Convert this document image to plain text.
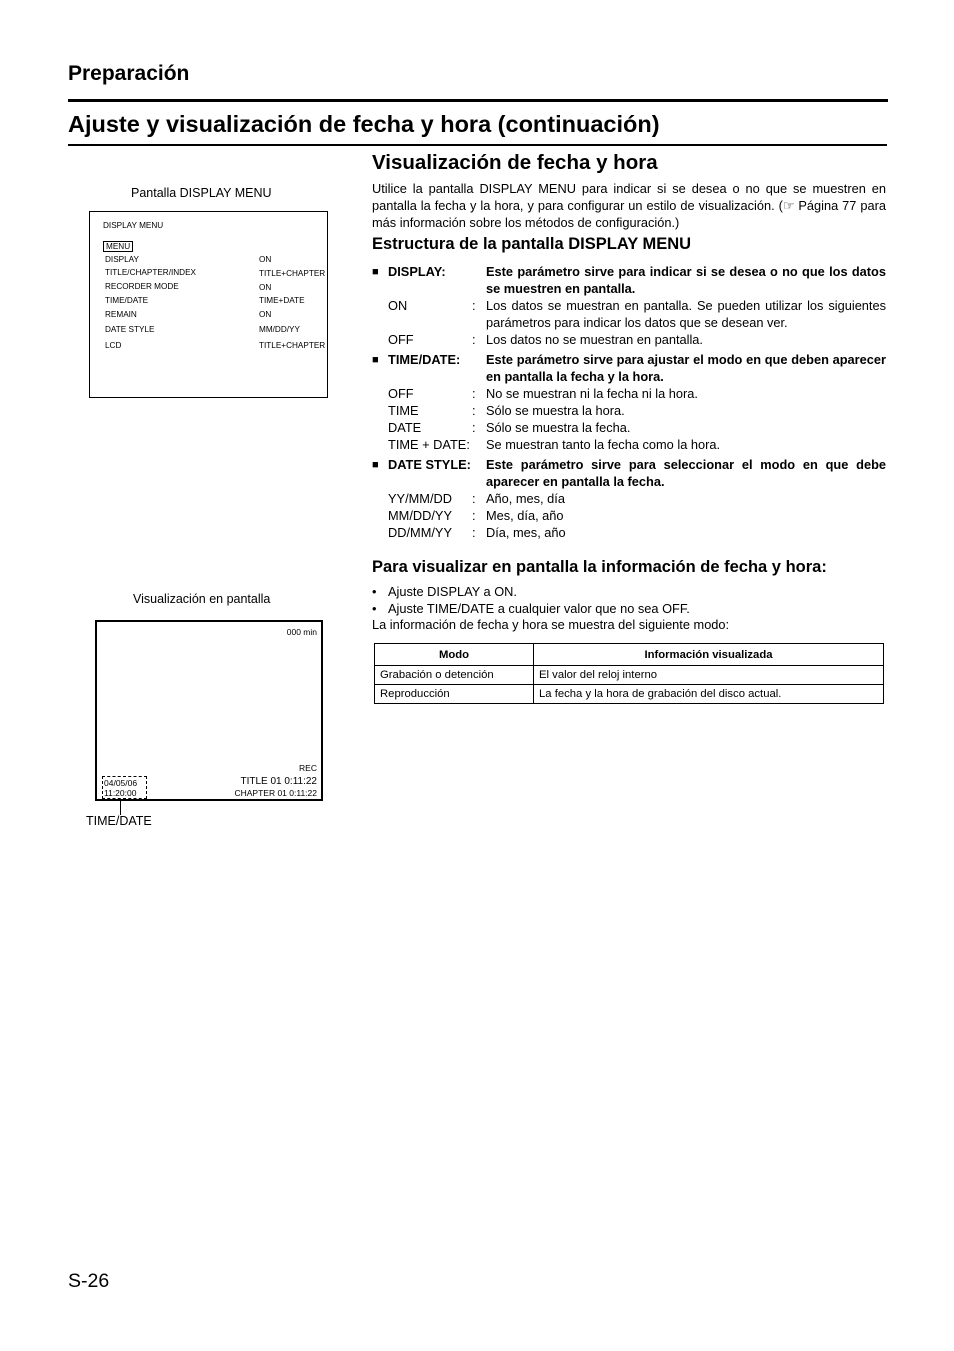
Preparación
Ajuste y visualización de fecha y hora (continuación)
Pantalla DISPLAY MENU
DISPLAY MENU
MENU
DISPLAY	ON
TITLE/CHAPTER/INDEX	TITLE+CHAPTER
RECORDER MODE	ON
TIME/DATE	TIME+DATE
REMAIN	ON
DATE STYLE	MM/DD/YY
LCD	TITLE+CHAPTER
Visualización en pantalla
000 min
REC
04/05/06
11:20:00
TITLE 01 0:11:22
CHAPTER 01 0:11:22
TIME/DATE
Visualización de fecha y hora
Utilice la pantalla DISPLAY MENU para indicar si se desea o no que se muestren en pantalla la fecha y la hora, y para configurar un estilo de visualización. (☞ Página 77 para más información sobre los métodos de configuración.)
Estructura de la pantalla DISPLAY MENU
■ DISPLAY:	Este parámetro sirve para indicar si se desea o no que los datos se muestren en pantalla.
ON	: Los datos se muestran en pantalla. Se pueden utilizar los siguientes parámetros para indicar los datos que se desean ver.
OFF	: Los datos no se muestran en pantalla.
■ TIME/DATE:	Este parámetro sirve para ajustar el modo en que deben aparecer en pantalla la fecha y la hora.
OFF	: No se muestran ni la fecha ni la hora.
TIME	: Sólo se muestra la hora.
DATE	: Sólo se muestra la fecha.
TIME + DATE:	Se muestran tanto la fecha como la hora.
■ DATE STYLE:	Este parámetro sirve para seleccionar el modo en que debe aparecer en pantalla la fecha.
YY/MM/DD	: Año, mes, día
MM/DD/YY	: Mes, día, año
DD/MM/YY	: Día, mes, año
Para visualizar en pantalla la información de fecha y hora:
• Ajuste DISPLAY a ON.
• Ajuste TIME/DATE a cualquier valor que no sea OFF.
La información de fecha y hora se muestra del siguiente modo:
Modo	Información visualizada
Grabación o detención	El valor del reloj interno
Reproducción	La fecha y la hora de grabación del disco actual.
S-26
